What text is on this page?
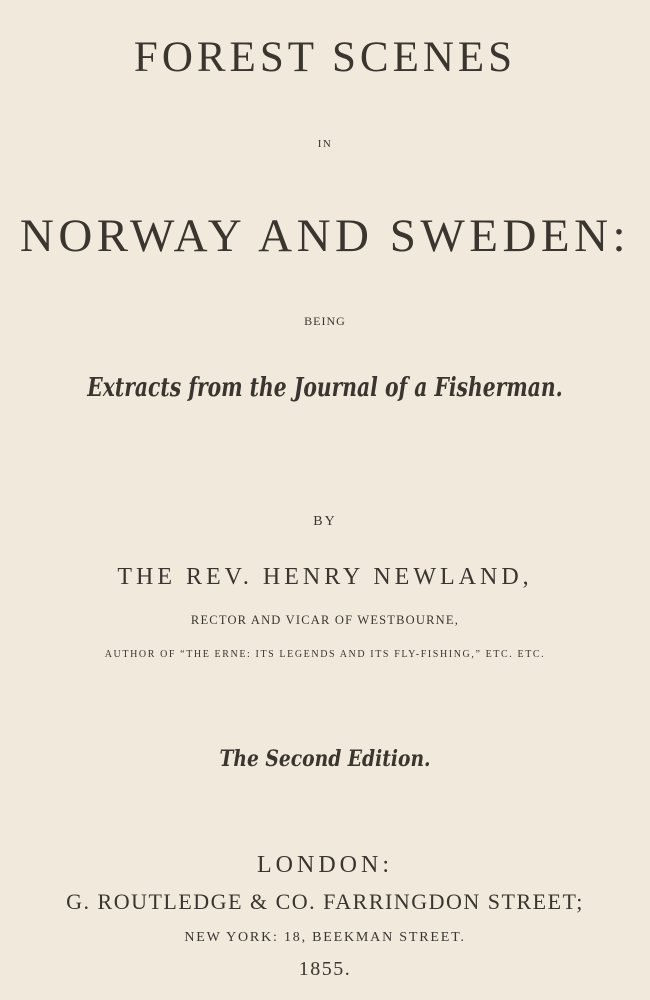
FOREST SCENES
IN
NORWAY AND SWEDEN:
BEING
Extracts from the Journal of a Fisherman.
BY
THE REV. HENRY NEWLAND,
RECTOR AND VICAR OF WESTBOURNE,
AUTHOR OF “THE ERNE: ITS LEGENDS AND ITS FLY-FISHING,” ETC. ETC.
The Second Edition.
LONDON:
G. ROUTLEDGE & CO. FARRINGDON STREET;
NEW YORK: 18, BEEKMAN STREET.
1855.
